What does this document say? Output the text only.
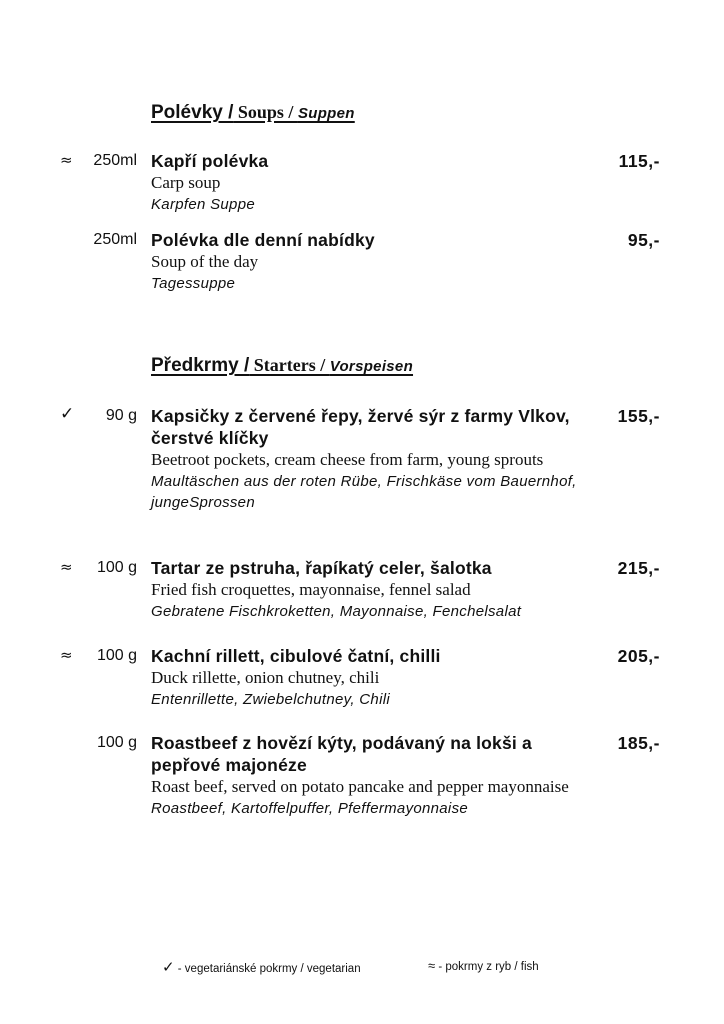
Polévky / Soups / Suppen
Předkrmy / Starters / Vorspeisen
≈ 250ml Kapří polévka
Carp soup
Karpfen Suppe
115,-
250ml Polévka dle denní nabídky
Soup of the day
Tagessuppe
95,-
✓ 90 g Kapsičky z červené řepy, žervé sýr z farmy Vlkov, čerstvé klíčky
Beetroot pockets, cream cheese from farm, young sprouts
Maultäschen aus der roten Rübe, Frischkäse vom Bauernhof, jungeSprossen
155,-
≈ 100 g Tartar ze pstruha, řapíkatý celer, šalotka
Fried fish croquettes, mayonnaise, fennel salad
Gebratene Fischkroketten, Mayonnaise, Fenchelsalat
215,-
≈ 100 g Kachní rillett, cibulové čatní, chilli
Duck rillette, onion chutney, chili
Entenrillette, Zwiebelchutney, Chili
205,-
100 g Roastbeef z hovězí kýty, podávaný na lokši a pepřové majonéze
Roast beef, served on potato pancake and pepper mayonnaise
Roastbeef, Kartoffelpuffer, Pfeffermayonnaise
185,-
✓ - vegetariánské pokrmy / vegetarian	≈ - pokrmy z ryb / fish
